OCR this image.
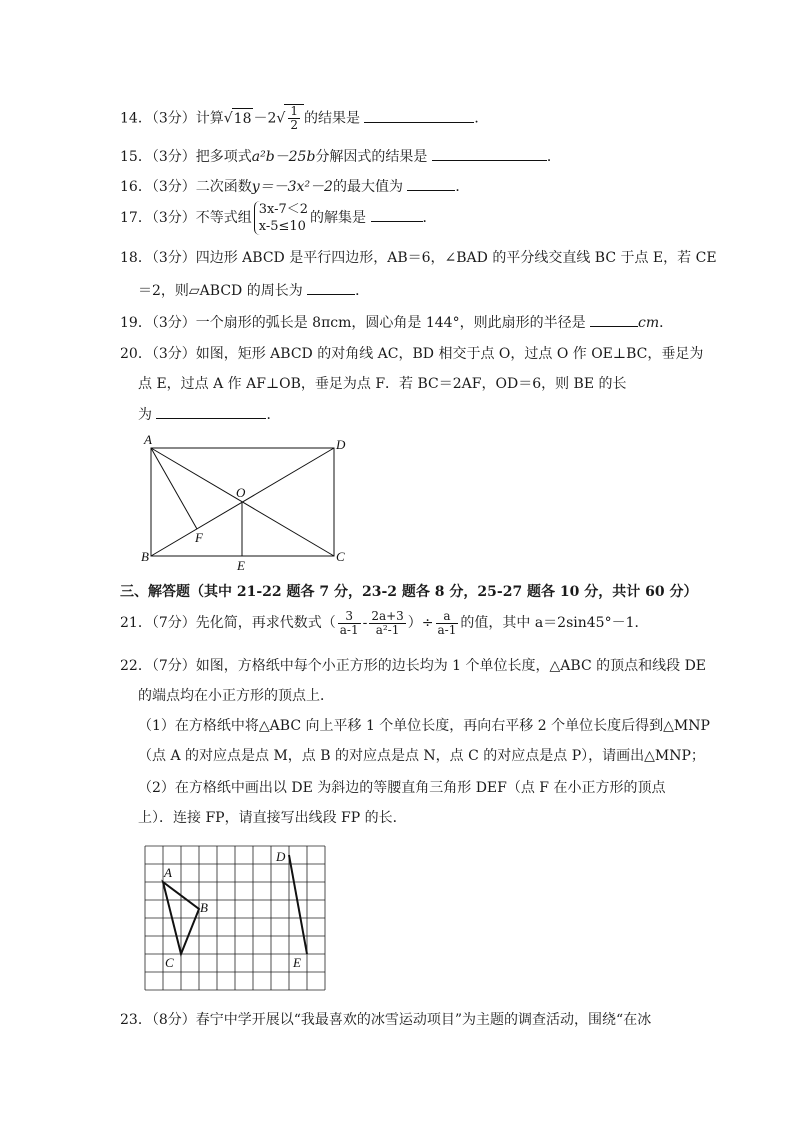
14．（3分）计算$√18 -2√ \frac{1}{2}$ 的结果是	．
15．（3分）把多项式a²b－25b分解因式的结果是	．
16．（3分）二次函数y＝－3x²－2的最大值为	．
17．（3分）不等式组
3x-7＜2
x-5≤10
的解集是	．
18．（3分）四边形 ABCD 是平行四边形，AB＝6，∠BAD 的平分线交直线 BC 于点 E，若 CE
＝2，则▱ABCD 的周长为	．
19．（3分）一个扇形的弧长是 8πcm，圆心角是 144°，则此扇形的半径是	cm．
20．（3分）如图，矩形 ABCD 的对角线 AC，BD 相交于点 O，过点 O 作 OE⊥BC，垂足为
点 E，过点 A 作 AF⊥OB，垂足为点 F．若 BC＝2AF，OD＝6，则 BE 的长
为	．
A	D
O
F
B
E
C
三、解答题（其中 21-22 题各 7 分，23-2 题各 8 分，25-27 题各 10 分，共计 60 分）
21．（7分）先化简，再求代数式（ $\frac{3}{a-1} - \frac{2a+3}{\text{a²-1}}$ ）÷ $\frac{a}{a-1}$ 的值，其中 a＝2sin45°－1．
22．（7分）如图，方格纸中每个小正方形的边长均为 1 个单位长度，△ABC 的顶点和线段 DE
的端点均在小正方形的顶点上．
（1）在方格纸中将△ABC 向上平移 1 个单位长度，再向右平移 2 个单位长度后得到△MNP
（点 A 的对应点是点 M，点 B 的对应点是点 N，点 C 的对应点是点 P），请画出△MNP；
（2）在方格纸中画出以 DE 为斜边的等腰直角三角形 DEF（点 F 在小正方形的顶点
上）．连接 FP，请直接写出线段 FP 的长．
D
A
B
C	E
23．（8分）春宁中学开展以“我最喜欢的冰雪运动项目”为主题的调查活动，围绕“在冰
